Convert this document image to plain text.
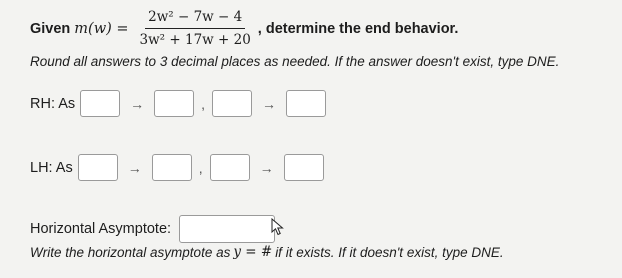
Given $m(w) = \frac{\text{2w² − 7w − 4}}{\text{3w² + 17w + 20}}$ , determine the end behavior.
Round all answers to 3 decimal places as needed. If the answer doesn't exist, type DNE.
RH: As	→	,	→
LH: As	→	,	→
Horizontal Asymptote:
Write the horizontal asymptote as y = # if it exists. If it doesn't exist, type DNE.
